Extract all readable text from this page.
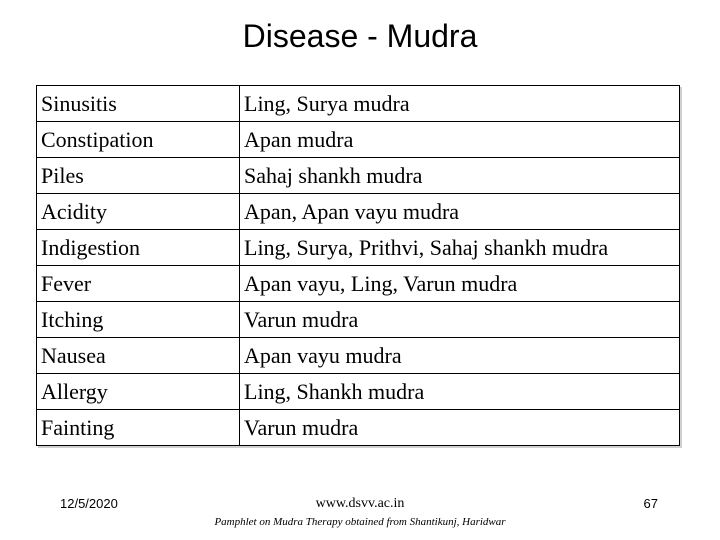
Disease - Mudra
Sinusitis	Ling, Surya mudra
Constipation	Apan mudra
Piles	Sahaj shankh mudra
Acidity	Apan, Apan vayu mudra
Indigestion	Ling, Surya, Prithvi, Sahaj shankh mudra
Fever	Apan vayu, Ling, Varun mudra
Itching	Varun mudra
Nausea	Apan vayu mudra
Allergy	Ling, Shankh mudra
Fainting	Varun mudra
12/5/2020	www.dsvv.ac.in
Pamphlet on Mudra Therapy obtained from Shantikunj, Haridwar
67
